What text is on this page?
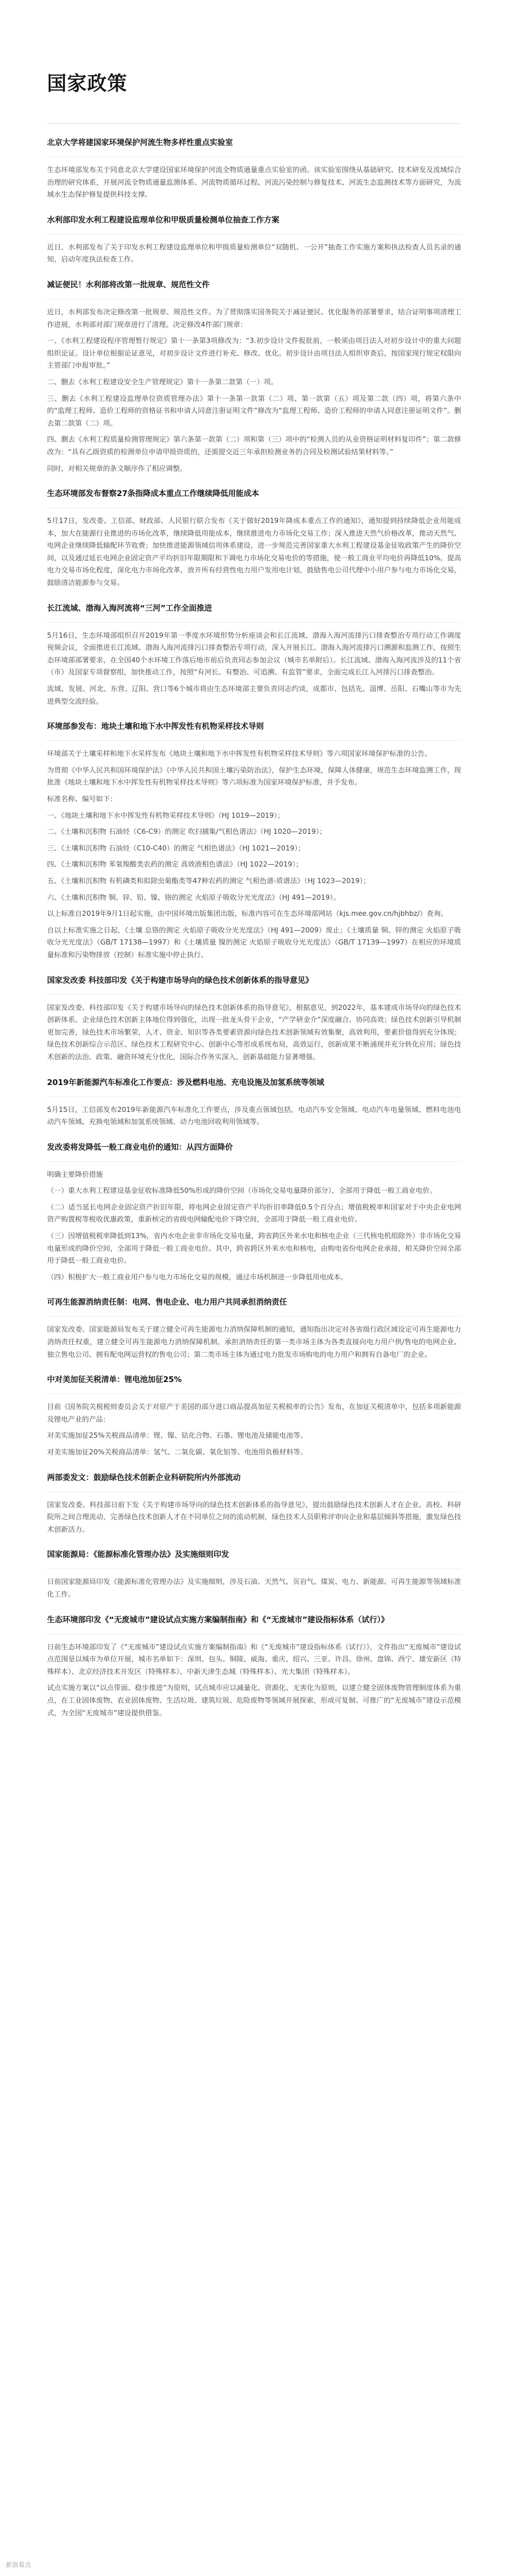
国家政策
北京大学将建国家环境保护河流生物多样性重点实验室

生态环境部发布关于同意北京大学建设国家环境保护河流全物质通量重点实验室的函。该实验室围绕从基础研究、技术研发及流域综合治理的研究体系，开展河流全物质通量监测体系、河流物质循环过程、河流污染控制与修复技术、河流生态监测技术等方面研究，为流域水生态保护修复提供科技支撑。

水利部印发水利工程建设监理单位和甲级质量检测单位抽查工作方案

近日，水利部发布了关于印发水利工程建设监理单位和甲级质量检测单位“双随机、一公开”抽查工作实施方案和执法检查人员名录的通知，启动年度执法检查工作。

减证便民！水利部将改第一批规章、规范性文件

近日，水利部发布决定修改第一批规章、规范性文件。为了贯彻落实国务院关于减证便民、优化服务的部署要求，结合证明事项清理工作进展，水利部对部门规章进行了清理。决定修改4件部门规章：

一、《水利工程建设程序管理暂行规定》第十一条第3项修改为：“3.初步设计文件报批前，一般须由项目法人对初步设计中的重大问题组织论证。设计单位根据论证意见，对初步设计文件进行补充、修改、优化。初步设计由项目法人组织审查后，按国家现行规定权限向主管部门申报审批。”

二、删去《水利工程建设安全生产管理规定》第十一条第二款第（一）项。

三、删去《水利工程建设监理单位资质管理办法》第十一条第一款第（二）项、第一款第（五）项及第二款（四）项，将第六条中的“监理工程师、造价工程师的资格证书和申请人同意注册证明文件”修改为“监理工程师、造价工程师的申请人同意注册证明文件”。删去第二款第（二）项。

四、删去《水利工程质量检测管理规定》第六条第一款第（二）项和第（三）项中的“检测人员的从业资格证明材料复印件”；第二款修改为：“具有乙级资质的检测单位申请甲级资质的，还需提交近三年承担检测业务的合同及检测试验结果材料等。”

同时，对相关规章的条文顺序作了相应调整。

生态环境部发布督察27条指降成本重点工作继续降低用能成本

5月17日，发改委、工信部、财政部、人民银行联合发布《关于做好2019年降成本重点工作的通知》，通知提到持续降低企业用能成本，加大在能源行业推进的市场化改革，继续降低用能成本，继续推进电力市场化交易工作；深入推进天然气价格改革，推动天然气、电网企业继续降低输配环节收费；加快推进能源领域信用体系建设，进一步规范完善国家重大水利工程建设基金征收政策产生的降价空间，以及通过延长电网企业固定资产平均折旧年限期限和下调电力市场化交易电价的等措施，使一般工商业平均电价再降低10%。提高电力交易市场化程度，深化电力市场化改革，放开所有经营性电力用户发用电计划，鼓励售电公司代理中小用户参与电力市场化交易，鼓励清洁能源参与交易。

长江流域、渤海入海河流将“三河”工作全面推进

5月16日，生态环境部组织召开2019年第一季度水环境形势分析座谈会和长江流域、渤海入海河流排污口排查整治专项行动工作调度视频会议，全面推进长江流域、渤海入海河流排污口排查整治专项行动，深入开展长江、渤海入海河流排污口溯源和监测工作，按照生态环境部部署要求，在全国40个水环境工作落后地市前后负责同志参加会议（城市名单附后）。长江流域、渤海入海河流涉及的11个省（市）及国家专项督察组，加快推动工作，按照“有河长、有整治、可追溯、有监管”要求，全面完成长江入河排污口排查整治。

流域、发展、河北、东营、辽阳、营口等6个城市将由生态环境部主要负责同志约谈，成都市、包括先、淄博、岳阳、石嘴山等市为先进典型交流经验。

环境部参发布：地块土壤和地下水中挥发性有机物采样技术导则

环境部关于土壤采样和地下水采样发布《地块土壤和地下水中挥发性有机物采样技术导则》等六项国家环境保护标准的公告。

为贯彻《中华人民共和国环境保护法》《中华人民共和国土壤污染防治法》，保护生态环境，保障人体健康，规范生态环境监测工作，现批准《地块土壤和地下水中挥发性有机物采样技术导则》等六项标准为国家环境保护标准，并予发布。

标准名称、编号如下：

一、《地块土壤和地下水中挥发性有机物采样技术导则》（HJ 1019—2019）；

二、《土壤和沉积物 石油烃（C6-C9）的测定 吹扫捕集/气相色谱法》（HJ 1020—2019）；

三、《土壤和沉积物 石油烃（C10-C40）的测定 气相色谱法》（HJ 1021—2019）；

四、《土壤和沉积物 苯氧羧酸类农药的测定 高效液相色谱法》（HJ 1022—2019）；

五、《土壤和沉积物 有机磷类和拟除虫菊酯类等47种农药的测定 气相色谱-质谱法》（HJ 1023—2019）；

六、《土壤和沉积物 铜、锌、铅、镍、铬的测定 火焰原子吸收分光光度法》（HJ 491—2019）。

以上标准自2019年9月1日起实施，由中国环境出版集团出版，标准内容可在生态环境部网站（kjs.mee.gov.cn/hjbhbz/）查询。

自以上标准实施之日起，《土壤 总铬的测定 火焰原子吸收分光光度法》（HJ 491—2009）废止；《土壤质量 铜、锌的测定 火焰原子吸收分光光度法》（GB/T 17138—1997）和《土壤质量 镍的测定 火焰原子吸收分光光度法》（GB/T 17139—1997）在相应的环境质量标准和污染物排放（控制）标准实施中停止执行。

国家发改委 科技部印发《关于构建市场导向的绿色技术创新体系的指导意见》

国家发改委、科技部印发《关于构建市场导向的绿色技术创新体系的指导意见》，根据意见，到2022年，基本建成市场导向的绿色技术创新体系。企业绿色技术创新主体地位得到强化，出现一批龙头骨干企业，“产学研金介”深度融合、协同高效；绿色技术创新引导机制更加完善，绿色技术市场繁荣，人才、资金、知识等各类要素资源向绿色技术创新领域有效集聚，高效利用，要素价值得到充分体现；绿色技术创新综合示范区、绿色技术工程研究中心、创新中心等形成系统布局，高效运行，创新成果不断涌现并充分转化应用；绿色技术创新的法治、政策、融资环境充分优化，国际合作务实深入，创新基础能力显著增强。

2019年新能源汽车标准化工作要点：涉及燃料电池、充电设施及加氢系统等领域

5月15日，工信部发布2019年新能源汽车标准化工作要点，涉及重点领域包括，电动汽车安全领域、电动汽车电量领域、燃料电池电动汽车领域、充换电领域和加氢系统领域、动力电池回收利用领域等。

发改委将发降低一般工商业电价的通知：从四方面降价

明确主要降价措施

（一）重大水利工程建设基金征收标准降低50%形成的降价空间（市场化交易电量降价部分），全部用于降低一般工商业电价。

（二）适当延长电网企业固定资产折旧年限，将电网企业固定资产平均折旧率降低0.5个百分点；增值税税率和国家对于中央企业电网资产购置税等税收优惠政策，重新核定的省级电网输配电价下降空间，全部用于降低一般工商业电价。

（三）因增值税税率降低到13%，省内水电企业非市场化交易电量，跨省跨区外来水电和核电企业（三代核电机组除外）非市场化交易电量形成的降价空间，全部用于降低一般工商业电价。其中，跨省跨区外来水电和核电，由购电省份电网企业承接，相关降价空间全部用于降低一般工商业电价。

（四）积极扩大一般工商业用户参与电力市场化交易的规模，通过市场机制进一步降低用电成本。

可再生能源消纳责任制：电网、售电企业、电力用户共同承担消纳责任

国家发改委、国家能源局发布关于建立健全可再生能源电力消纳保障机制的通知，通知指出决定对各省级行政区域设定可再生能源电力消纳责任权重，建立健全可再生能源电力消纳保障机制。承担消纳责任的第一类市场主体为各类直接向电力用户供/售电的电网企业、独立售电公司、拥有配电网运营权的售电公司；第二类市场主体为通过电力批发市场购电的电力用户和拥有自备电厂的企业。

中对美加征关税清单：锂电池加征25%

目前《国务院关税税则委员会关于对原产于美国的部分进口商品提高加征关税税率的公告》发布，在加征关税清单中，包括多项新能源及锂电产业的产品：

对美实施加征25%关税商品清单：锂、镍、钴化合物、石墨、锂电池及储能电池等。

对美实施加征20%关税商品清单：氢气、二氧化碳、氧化铝等、电池用负极材料等。

两部委发文：鼓励绿色技术创新企业科研院所内外部流动

国家发改委、科技部日前下发《关于构建市场导向的绿色技术创新体系的指导意见》，提出鼓励绿色技术创新人才在企业、高校、科研院所之间合理流动，完善绿色技术创新人才在不同单位之间的流动机制，绿色技术人员职称评审向企业和基层倾斜等措施，激发绿色技术创新活力。

国家能源局：《能源标准化管理办法》及实施细则印发

日前国家能源局印发《能源标准化管理办法》及实施细则，涉及石油、天然气、页岩气、煤炭、电力、新能源、可再生能源等领域标准化工作。

生态环境部印发《“无废城市”建设试点实施方案编制指南》和《“无废城市”建设指标体系（试行）》

日前生态环境部印发了《“无废城市”建设试点实施方案编制指南》和《“无废城市”建设指标体系（试行）》，文件指出“无废城市”建设试点范围是以城市为单位开展，城市名单如下：深圳、包头、铜陵、威海、重庆、绍兴、三亚、许昌、徐州、盘锦、西宁、雄安新区（特殊样本）、北京经济技术开发区（特殊样本）、中新天津生态城（特殊样本）、光大集团（特殊样本）。

试点实施方案以“以点带面、稳步推进”为原则，试点城市应以减量化、资源化、无害化为原则，以建立健全固体废物管理制度体系为重点，在工业固体废物、农业固体废物、生活垃圾、建筑垃圾、危险废物等领域开展探索，形成可复制、可推广的“无废城市”建设示范模式，为全国“无废城市”建设提供借鉴。

新浪看点
